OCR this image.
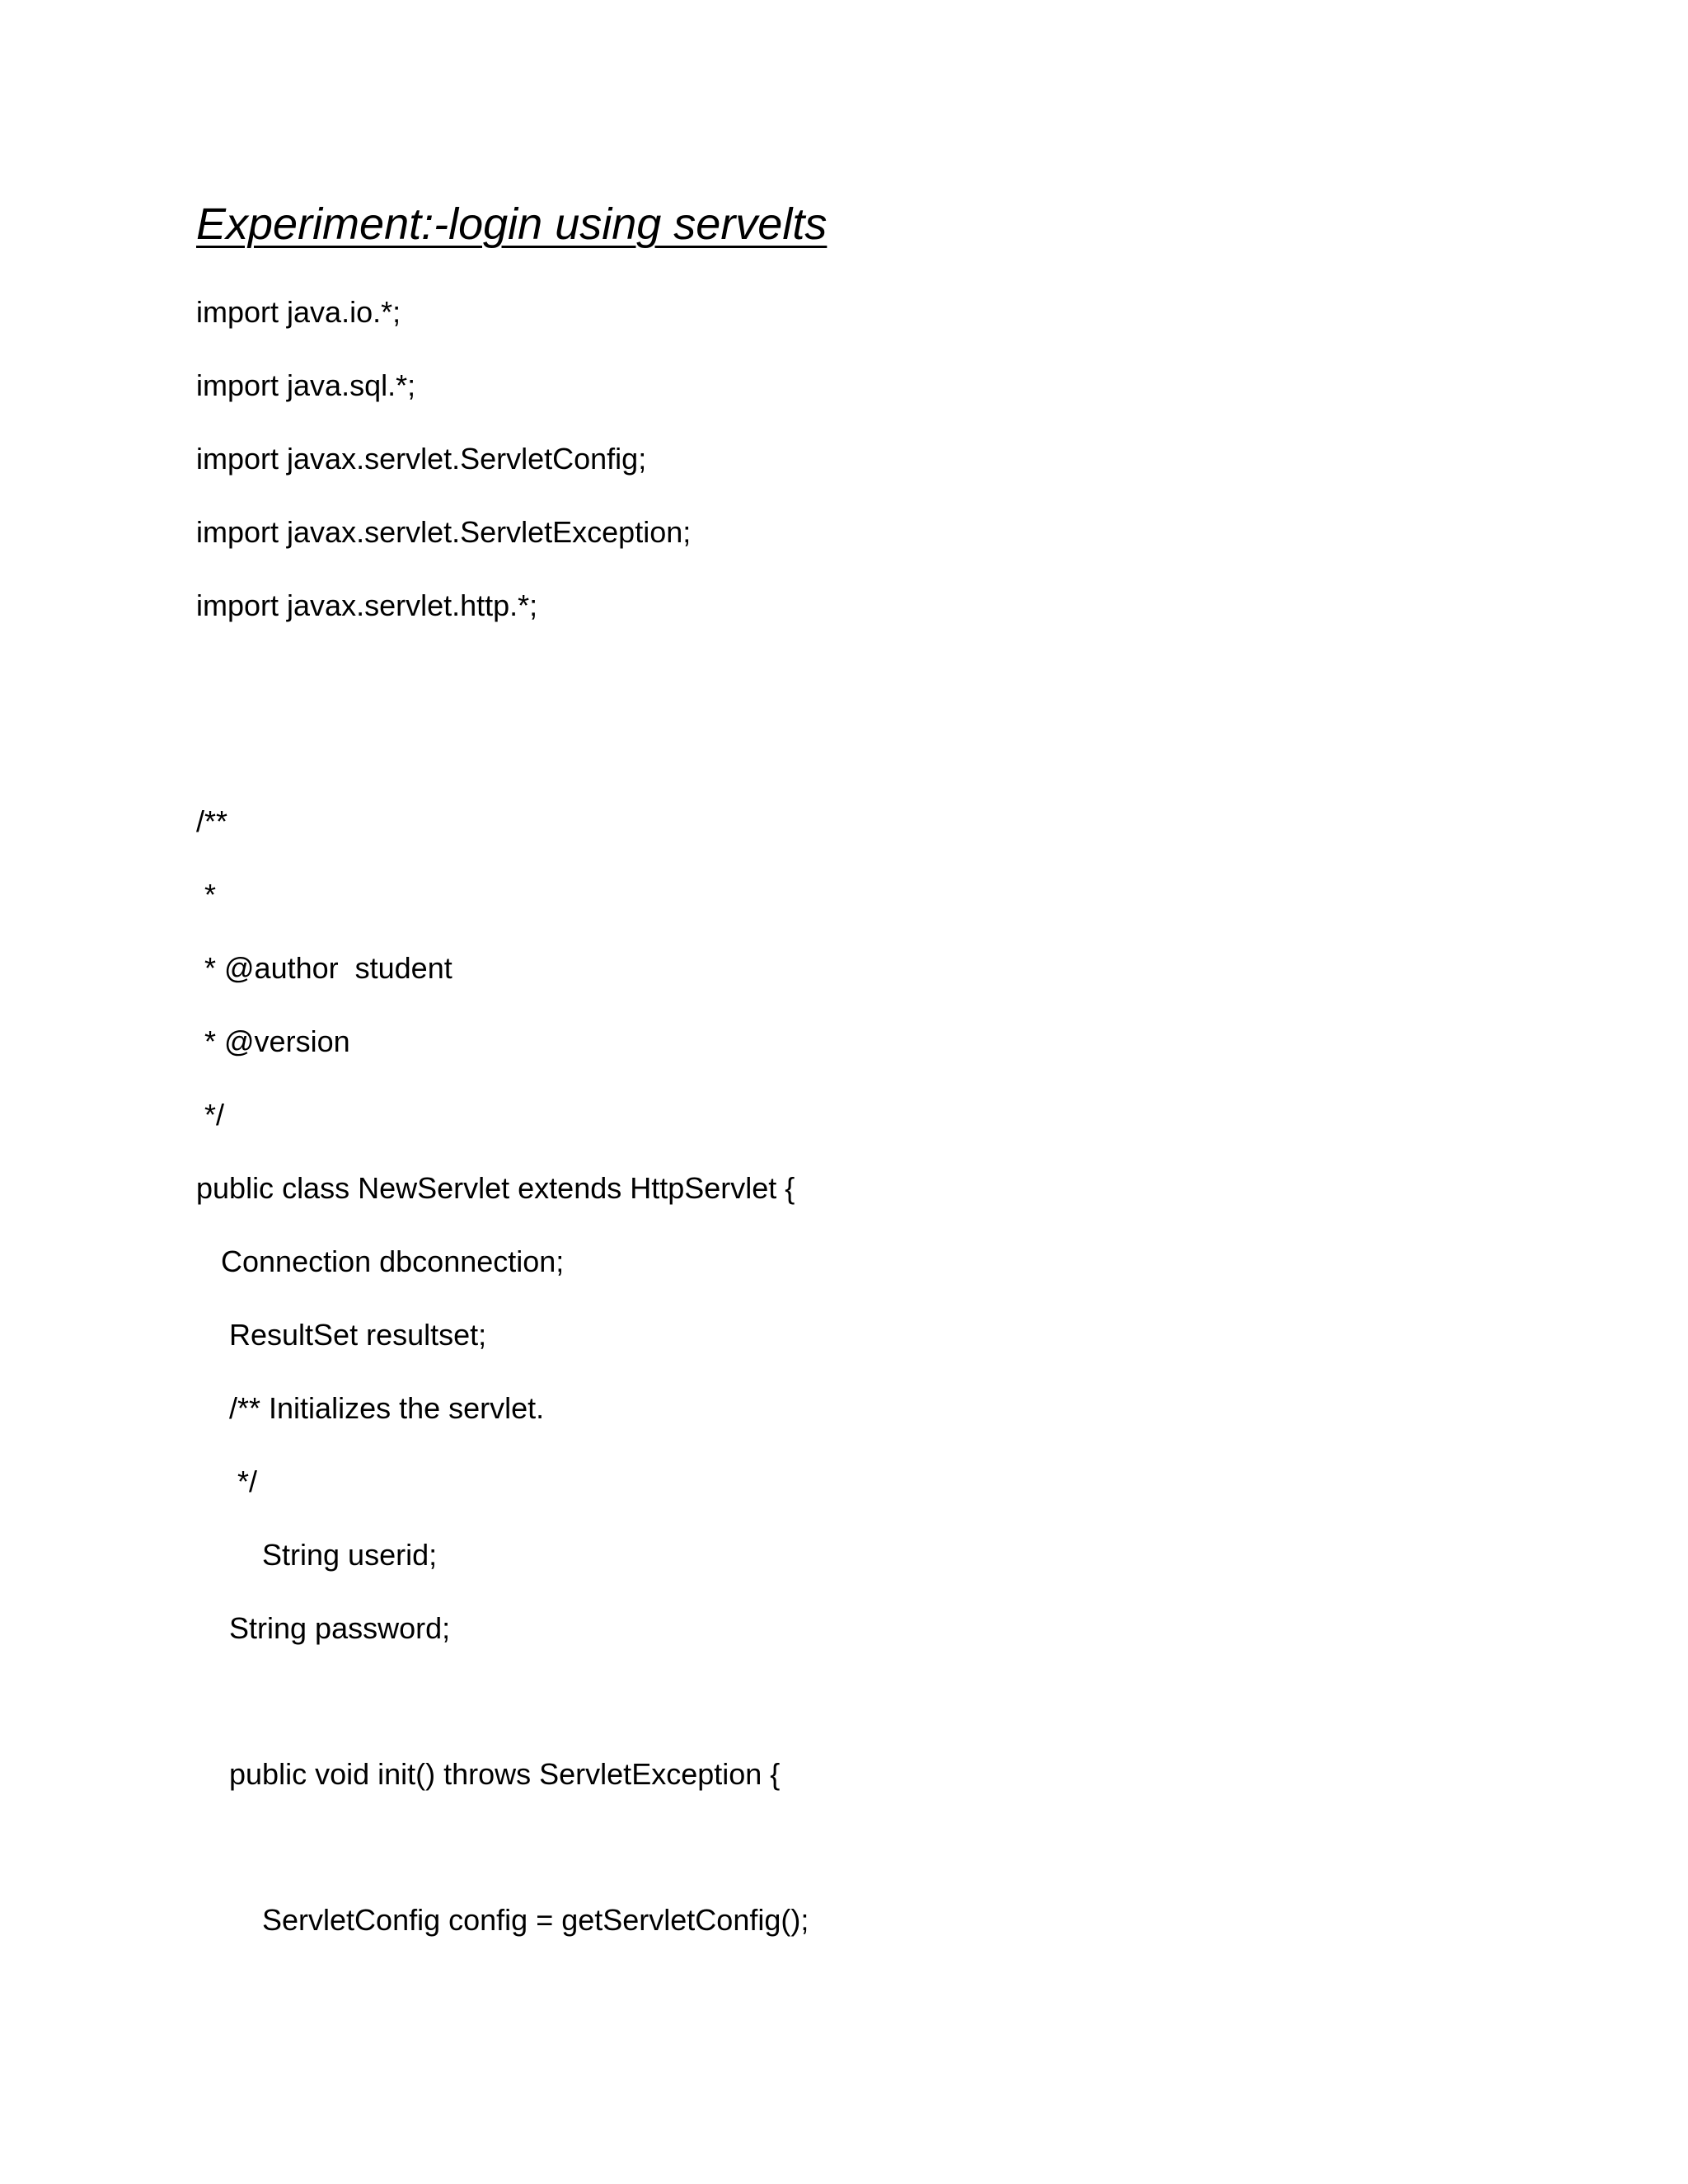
Experiment:-login using servelts
import java.io.*;
import java.sql.*;
import javax.servlet.ServletConfig;
import javax.servlet.ServletException;
import javax.servlet.http.*;
/**
*
* @author  student
* @version
*/
public class NewServlet extends HttpServlet {
Connection dbconnection;
ResultSet resultset;
/** Initializes the servlet.
*/
String userid;
String password;
public void init() throws ServletException {
ServletConfig config = getServletConfig();
